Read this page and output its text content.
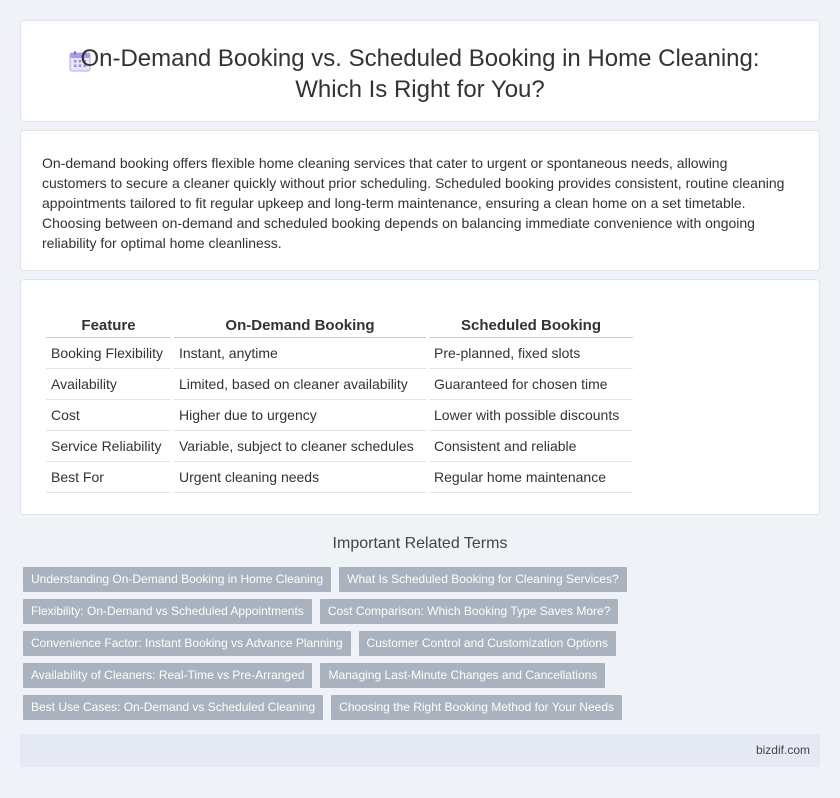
On-Demand Booking vs. Scheduled Booking in Home Cleaning:
Which Is Right for You?

On-demand booking offers flexible home cleaning services that cater to urgent or spontaneous needs, allowing customers to secure a cleaner quickly without prior scheduling. Scheduled booking provides consistent, routine cleaning appointments tailored to fit regular upkeep and long-term maintenance, ensuring a clean home on a set timetable. Choosing between on-demand and scheduled booking depends on balancing immediate convenience with ongoing reliability for optimal home cleanliness.

Feature	On-Demand Booking	Scheduled Booking
Booking Flexibility	Instant, anytime	Pre-planned, fixed slots
Availability	Limited, based on cleaner availability	Guaranteed for chosen time
Cost	Higher due to urgency	Lower with possible discounts
Service Reliability	Variable, subject to cleaner schedules	Consistent and reliable
Best For	Urgent cleaning needs	Regular home maintenance
Important Related Terms
Understanding On-Demand Booking in Home Cleaning	What Is Scheduled Booking for Cleaning Services?
Flexibility: On-Demand vs Scheduled Appointments	Cost Comparison: Which Booking Type Saves More?
Convenience Factor: Instant Booking vs Advance Planning	Customer Control and Customization Options
Availability of Cleaners: Real-Time vs Pre-Arranged	Managing Last-Minute Changes and Cancellations
Best Use Cases: On-Demand vs Scheduled Cleaning	Choosing the Right Booking Method for Your Needs
bizdif.com
